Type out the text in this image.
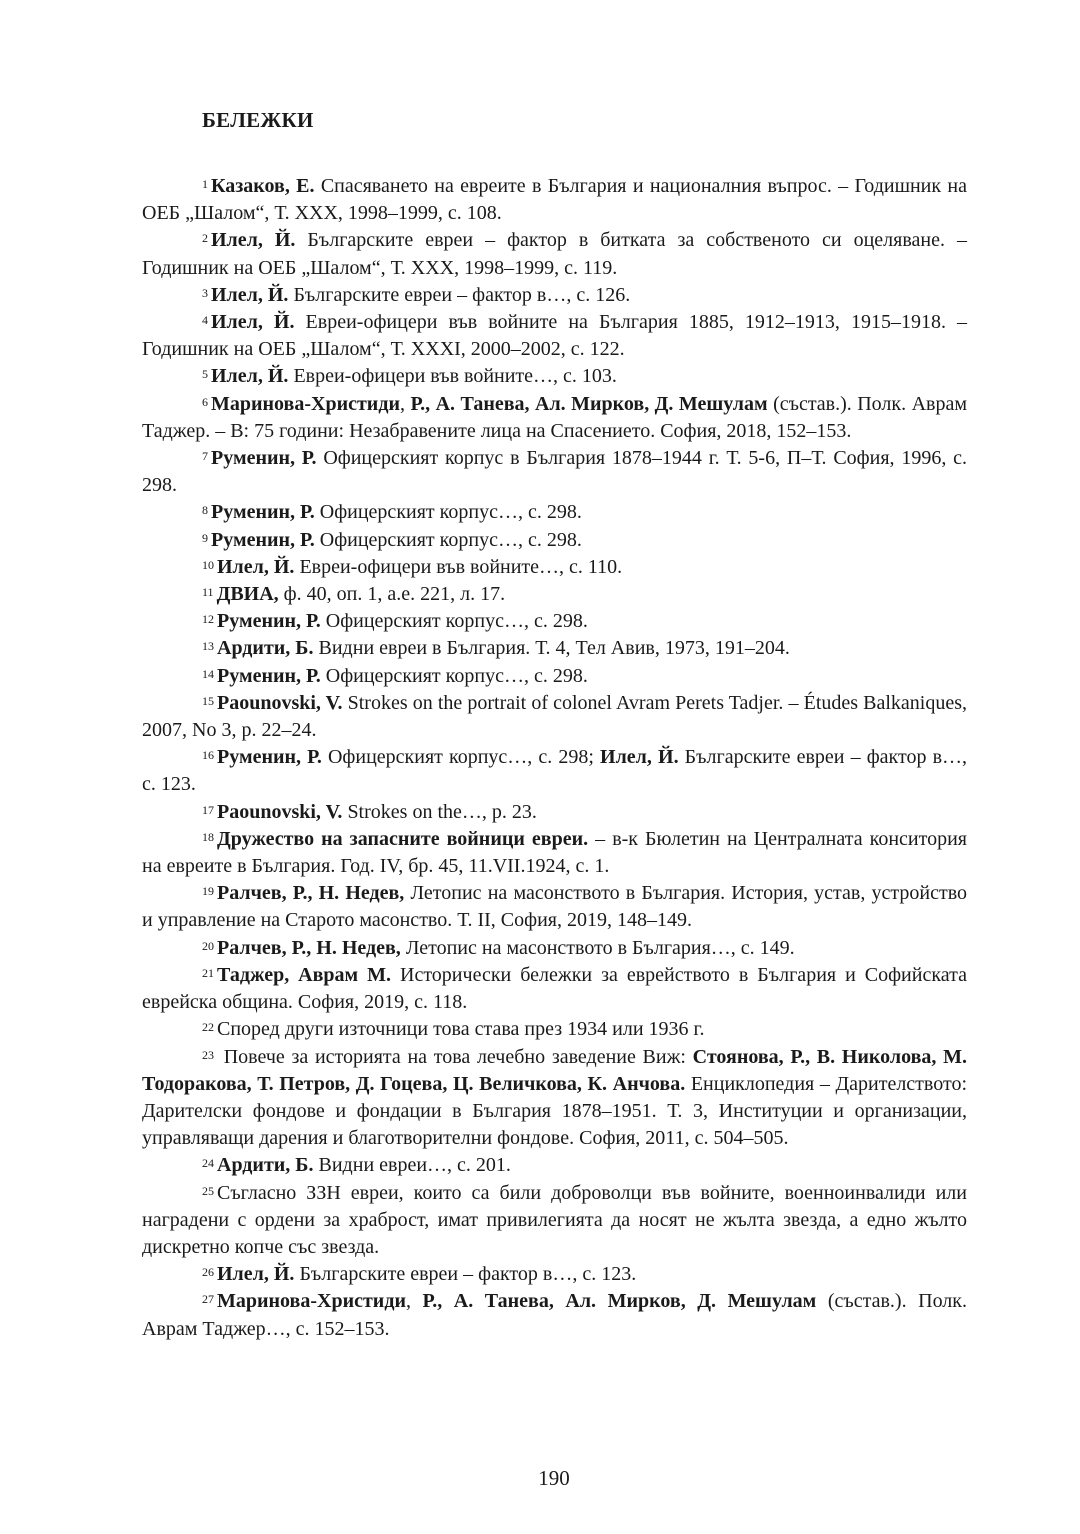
БЕЛЕЖКИ

$^1$ Казаков, Е. Спасяването на евреите в България и националния въпрос. – Годишник на ОЕБ „Шалом“, Т. ХХХ, 1998–1999, с. 108.

$^2$ Илел, Й. Българските евреи – фактор в битката за собственото си оцеляване. – Годишник на ОЕБ „Шалом“, Т. ХХХ, 1998–1999, с. 119.

$^3$ Илел, Й. Българските евреи – фактор в…, с. 126.

$^4$ Илел, Й. Евреи-офицери във войните на България 1885, 1912–1913, 1915–1918. – Годишник на ОЕБ „Шалом“, Т. ХХХІ, 2000–2002, с. 122.

$^5$ Илел, Й. Евреи-офицери във войните…, с. 103.

$^6$ Маринова-Христиди, Р., А. Танева, Ал. Мирков, Д. Мешулам (състав.). Полк. Аврам Таджер. – В: 75 години: Незабравените лица на Спасението. София, 2018, 152–153.

$^7$ Руменин, Р. Офицерският корпус в България 1878–1944 г. Т. 5-6, П–Т. София, 1996, с. 298.

$^8$ Руменин, Р. Офицерският корпус…, с. 298.

$^9$ Руменин, Р. Офицерският корпус…, с. 298.

$^{10}$ Илел, Й. Евреи-офицери във войните…, с. 110.

$^{11}$ ДВИА, ф. 40, оп. 1, а.е. 221, л. 17.

$^{12}$ Руменин, Р. Офицерският корпус…, с. 298.

$^{13}$ Ардити, Б. Видни евреи в България. Т. 4, Тел Авив, 1973, 191–204.

$^{14}$ Руменин, Р. Офицерският корпус…, с. 298.

$^{15}$ Paounovski, V. Strokes on the portrait of colonel Avram Perets Tadjer. – Études Balkaniques, 2007, No 3, p. 22–24.

$^{16}$ Руменин, Р. Офицерският корпус…, с. 298; Илел, Й. Българските евреи – фактор в…, с. 123.

$^{17}$ Paounovski, V. Strokes on the…, p. 23.

$^{18}$ Дружество на запасните войници евреи. – в-к Бюлетин на Централната конситория на евреите в България. Год. IV, бр. 45, 11.VII.1924, с. 1.

$^{19}$ Ралчев, Р., Н. Недев, Летопис на масонството в България. История, устав, устройство и управление на Старото масонство. Т. II, София, 2019, 148–149.

$^{20}$ Ралчев, Р., Н. Недев, Летопис на масонството в България…, с. 149.

$^{21}$ Таджер, Аврам М. Исторически бележки за еврейството в България и Софийската еврейска община. София, 2019, с. 118.

$^{22}$ Според други източници това става през 1934 или 1936 г.

$^{23}$ Повече за историята на това лечебно заведение Виж: Стоянова, Р., В. Николова, М. Тодоракова, Т. Петров, Д. Гоцева, Ц. Величкова, К. Анчова. Енциклопедия – Дарителството: Дарителски фондове и фондации в България 1878–1951. Т. 3, Институции и организации, управляващи дарения и благотворителни фондове. София, 2011, с. 504–505.

$^{24}$ Ардити, Б. Видни евреи…, с. 201.

$^{25}$ Съгласно ЗЗН евреи, които са били доброволци във войните, военноинвалиди или наградени с ордени за храброст, имат привилегията да носят не жълта звезда, а едно жълто дискретно копче със звезда.

$^{26}$ Илел, Й. Българските евреи – фактор в…, с. 123.

$^{27}$ Маринова-Христиди, Р., А. Танева, Ал. Мирков, Д. Мешулам (състав.). Полк. Аврам Таджер…, с. 152–153.

190
